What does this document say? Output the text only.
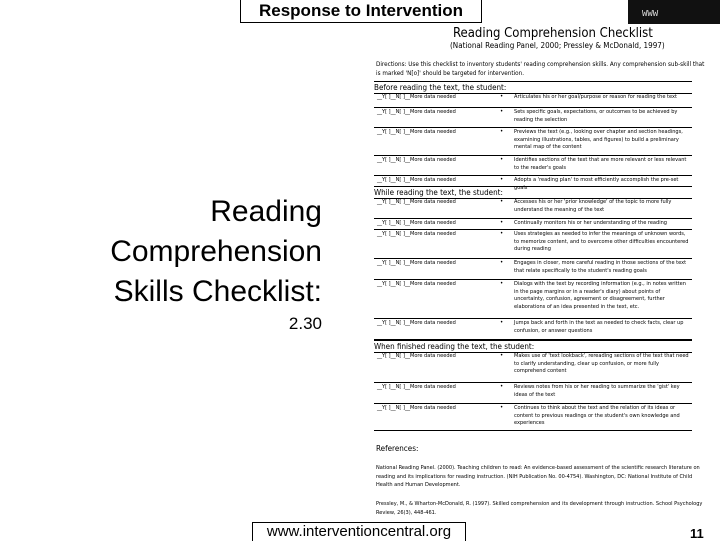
Response to Intervention	WWW
Reading
Comprehension
Skills Checklist:
2.30
Reading Comprehension Checklist
(National Reading Panel, 2000; Pressley & McDonald, 1997)
Directions: Use this checklist to inventory students' reading comprehension skills. Any comprehension sub-skill that is marked 'N[o]' should be targeted for intervention.
Before reading the text, the student:
__Y[ ]__N[ ]__More data needed	• Articulates his or her goal/purpose or reason for reading the text
__Y[ ]__N[ ]__More data needed	• Sets specific goals, expectations, or outcomes to be achieved by reading the selection
__Y[ ]__N[ ]__More data needed	• Previews the text (e.g., looking over chapter and section headings, examining illustrations, tables, and figures) to build a preliminary mental map of the content
__Y[ ]__N[ ]__More data needed	• Identifies sections of the text that are more relevant or less relevant to the reader's goals
__Y[ ]__N[ ]__More data needed	• Adopts a 'reading plan' to most efficiently accomplish the pre-set goals
While reading the text, the student:
__Y[ ]__N[ ]__More data needed	• Accesses his or her 'prior knowledge' of the topic to more fully understand the meaning of the text
__Y[ ]__N[ ]__More data needed	• Continually monitors his or her understanding of the reading
__Y[ ]__N[ ]__More data needed	• Uses strategies as needed to infer the meanings of unknown words, to memorize content, and to overcome other difficulties encountered during reading
__Y[ ]__N[ ]__More data needed	• Engages in closer, more careful reading in those sections of the text that relate specifically to the student's reading goals
__Y[ ]__N[ ]__More data needed	• Dialogs with the text by recording information (e.g., in notes written in the page margins or in a reader's diary) about points of uncertainty, confusion, agreement or disagreement, further elaborations of an idea presented in the text, etc.
__Y[ ]__N[ ]__More data needed	• Jumps back and forth in the text as needed to check facts, clear up confusion, or answer questions
When finished reading the text, the student:
__Y[ ]__N[ ]__More data needed	• Makes use of 'text lookback', rereading sections of the text that need to clarify understanding, clear up confusion, or more fully comprehend content
__Y[ ]__N[ ]__More data needed	• Reviews notes from his or her reading to summarize the 'gist' key ideas of the text
__Y[ ]__N[ ]__More data needed	• Continues to think about the text and the relation of its ideas or content to previous readings or the student's own knowledge and experiences
References:
National Reading Panel. (2000). Teaching children to read: An evidence-based assessment of the scientific research literature on reading and its implications for reading instruction. (NIH Publication No. 00-4754). Washington, DC: National Institute of Child Health and Human Development.
Pressley, M., & Wharton-McDonald, R. (1997). Skilled comprehension and its development through instruction. School Psychology Review, 26(3), 448-461.
www.interventioncentral.org	11
